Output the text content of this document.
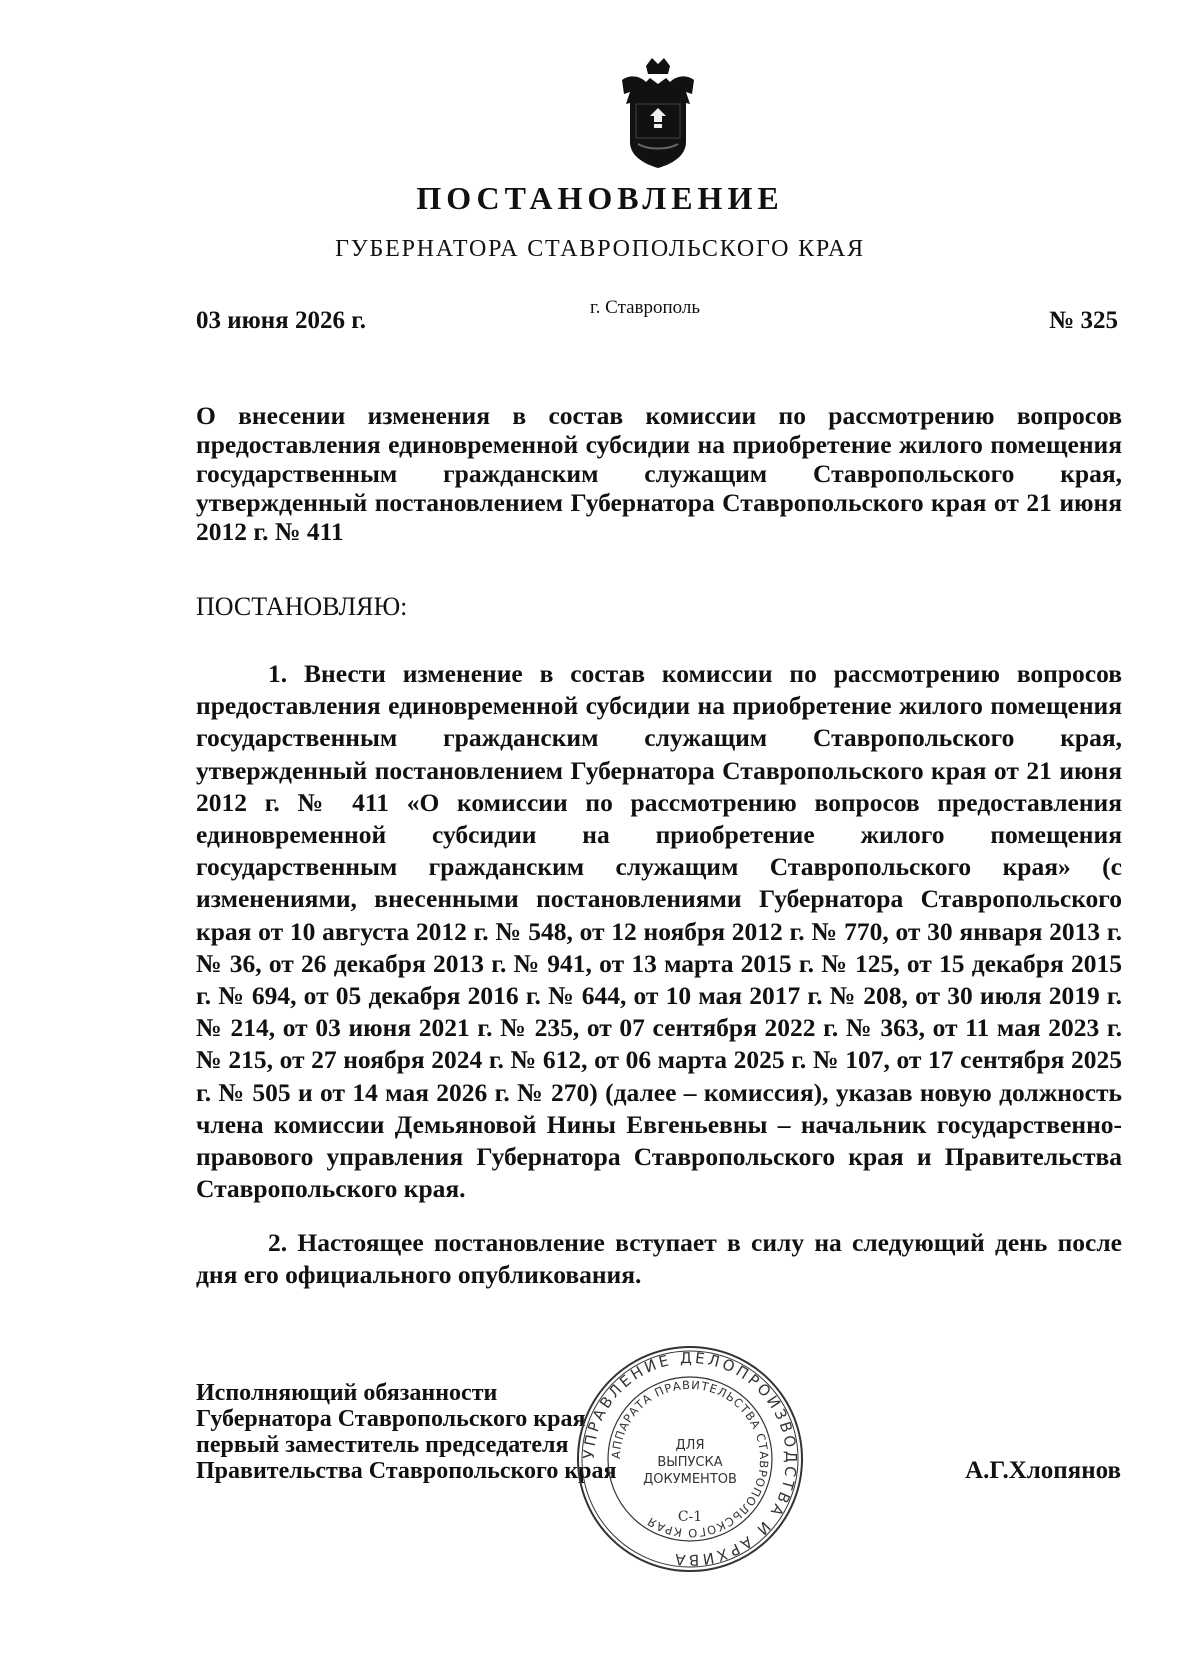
ПОСТАНОВЛЕНИЕ
ГУБЕРНАТОРА СТАВРОПОЛЬСКОГО КРАЯ
03 июня 2026 г.	г. Ставрополь	№ 325
О внесении изменения в состав комиссии по рассмотрению вопросов предоставления единовременной субсидии на приобретение жилого помещения государственным гражданским служащим Ставропольского края, утвержденный постановлением Губернатора Ставропольского края от 21 июня 2012 г. № 411
ПОСТАНОВЛЯЮ:

1. Внести изменение в состав комиссии по рассмотрению вопросов предоставления единовременной субсидии на приобретение жилого помещения государственным гражданским служащим Ставропольского края, утвержденный постановлением Губернатора Ставропольского края от 21 июня 2012 г. № 411 «О комиссии по рассмотрению вопросов предоставления единовременной субсидии на приобретение жилого помещения государственным гражданским служащим Ставропольского края» (с изменениями, внесенными постановлениями Губернатора Ставропольского края от 10 августа 2012 г. № 548, от 12 ноября 2012 г. № 770, от 30 января 2013 г. № 36, от 26 декабря 2013 г. № 941, от 13 марта 2015 г. № 125, от 15 декабря 2015 г. № 694, от 05 декабря 2016 г. № 644, от 10 мая 2017 г. № 208, от 30 июля 2019 г. № 214, от 03 июня 2021 г. № 235, от 07 сентября 2022 г. № 363, от 11 мая 2023 г. № 215, от 27 ноября 2024 г. № 612, от 06 марта 2025 г. № 107, от 17 сентября 2025 г. № 505 и от 14 мая 2026 г. № 270) (далее – комиссия), указав новую должность члена комиссии Демьяновой Нины Евгеньевны – начальник государственно-правового управления Губернатора Ставропольского края и Правительства Ставропольского края.

2. Настоящее постановление вступает в силу на следующий день после дня его официального опубликования.

Исполняющий обязанности
Губернатора Ставропольского края
первый заместитель председателя
Правительства Ставропольского края	А.Г.Хлопянов
УПРАВЛЕНИЕ ДЕЛОПРОИЗВОДСТВА И АРХИВА
АППАРАТА ПРАВИТЕЛЬСТВА СТАВРОПОЛЬСКОГО КРАЯ
ДЛЯ
ВЫПУСКА
ДОКУМЕНТОВ
С-1
